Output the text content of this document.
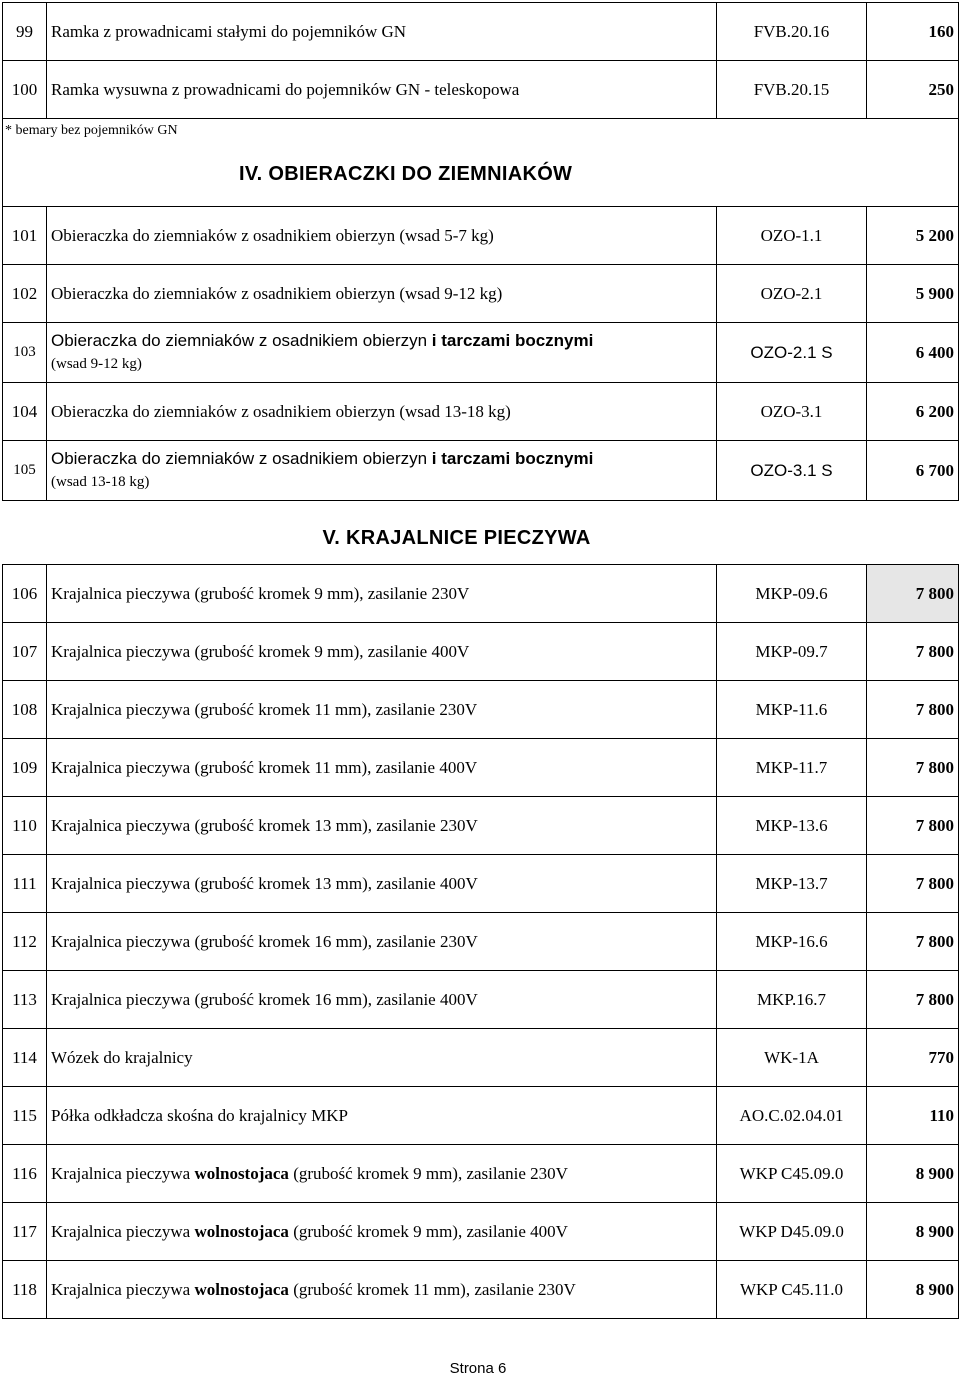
99	Ramka z prowadnicami stałymi do pojemników GN	FVB.20.16	160
100	Ramka wysuwna z prowadnicami do pojemników GN - teleskopowa	FVB.20.15	250
* bemary bez pojemników GN			
IV. OBIERACZKI DO ZIEMNIAKÓW			
101	Obieraczka do ziemniaków z osadnikiem obierzyn (wsad 5-7 kg)	OZO-1.1	5 200
102	Obieraczka do ziemniaków z osadnikiem obierzyn (wsad 9-12 kg)	OZO-2.1	5 900
103	Obieraczka do ziemniaków z osadnikiem obierzyn i tarczami bocznymi
(wsad 9-12 kg)	OZO-2.1 S	6 400
104	Obieraczka do ziemniaków z osadnikiem obierzyn (wsad 13-18 kg)	OZO-3.1	6 200
105	Obieraczka do ziemniaków z osadnikiem obierzyn i tarczami bocznymi
(wsad 13-18 kg)	OZO-3.1 S	6 700
V. KRAJALNICE PIECZYWA			
106	Krajalnica pieczywa (grubość kromek 9 mm), zasilanie 230V	MKP-09.6	7 800
107	Krajalnica pieczywa (grubość kromek 9 mm), zasilanie 400V	MKP-09.7	7 800
108	Krajalnica pieczywa (grubość kromek 11 mm), zasilanie 230V	MKP-11.6	7 800
109	Krajalnica pieczywa (grubość kromek 11 mm), zasilanie 400V	MKP-11.7	7 800
110	Krajalnica pieczywa (grubość kromek 13 mm), zasilanie 230V	MKP-13.6	7 800
111	Krajalnica pieczywa (grubość kromek 13 mm), zasilanie 400V	MKP-13.7	7 800
112	Krajalnica pieczywa (grubość kromek 16 mm), zasilanie 230V	MKP-16.6	7 800
113	Krajalnica pieczywa (grubość kromek 16 mm), zasilanie 400V	MKP.16.7	7 800
114	Wózek do krajalnicy	WK-1A	770
115	Półka odkładcza skośna do krajalnicy MKP	AO.C.02.04.01	110
116	Krajalnica pieczywa wolnostojaca (grubość kromek 9 mm), zasilanie 230V	WKP C45.09.0	8 900
117	Krajalnica pieczywa wolnostojaca (grubość kromek 9 mm), zasilanie 400V	WKP D45.09.0	8 900
118	Krajalnica pieczywa wolnostojaca (grubość kromek 11 mm), zasilanie 230V	WKP C45.11.0	8 900
Strona 6
